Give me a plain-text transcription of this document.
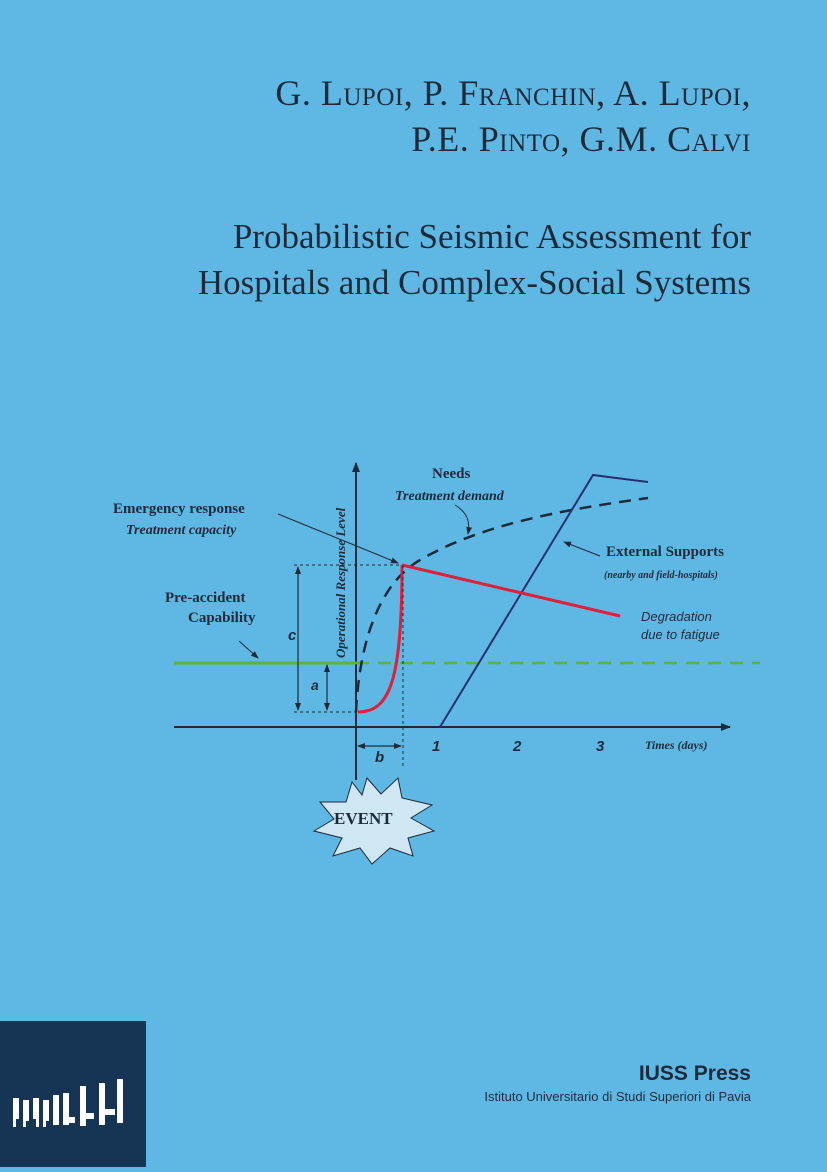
G. Lupoi, P. Franchin, A. Lupoi,
P.E. Pinto, G.M. Calvi
Probabilistic Seismic Assessment for
Hospitals and Complex-Social Systems
Operational Response Level
Needs
Treatment demand
Emergency response
Treatment capacity
External Supports
(nearby and field-hospitals)
Pre-accident
Capability	Degradation
due to fatigue
c
a
b
1	2	3	Times (days)
EVENT
IUSS Press
Istituto Universitario di Studi Superiori di Pavia
